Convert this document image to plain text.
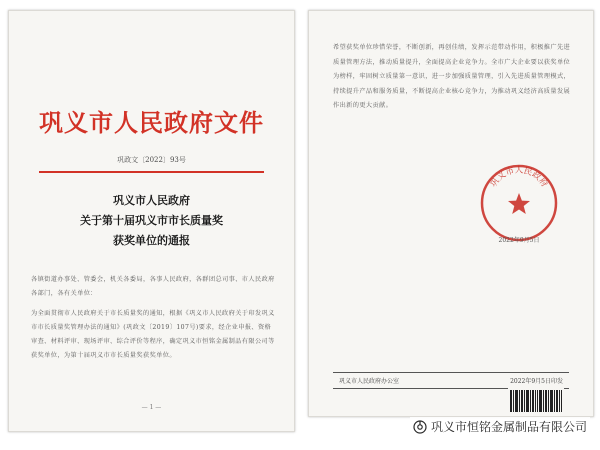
巩义市人民政府文件
巩政文〔2022〕93号
巩义市人民政府
关于第十届巩义市市长质量奖
获奖单位的通报
各镇街道办事处、管委会，机关各委局，各事人民政府，各群团总司事、市人民政府各部门，各有关单位：
为全面贯彻市人民政府关于市长质量奖的通知，根据《巩义市人民政府关于印发巩义市市长质量奖管理办法的通知》(巩政文〔2019〕107号)要求，经企业申报、资格审查、材料评审、现场评审、综合评价等程序，确定巩义市恒铭金属制品有限公司等获奖单位，为第十届巩义市市长质量奖获奖单位。
— 1 —
希望获奖单位珍惜荣誉，不断创新，再创佳绩，发挥示范带动作用，积极推广先进质量管理方法，推动质量提升，全面提高企业竞争力。全市广大企业要以获奖单位为榜样，牢固树立质量第一意识，进一步加强质量管理，引入先进质量管理模式，持续提升产品和服务质量，不断提高企业核心竞争力，为推动巩义经济高质量发展作出新的更大贡献。
巩义市人民政府
2022年9月5日
巩义市人民政府办公室	2022年9月5日印发
巩义市恒铭金属制品有限公司
